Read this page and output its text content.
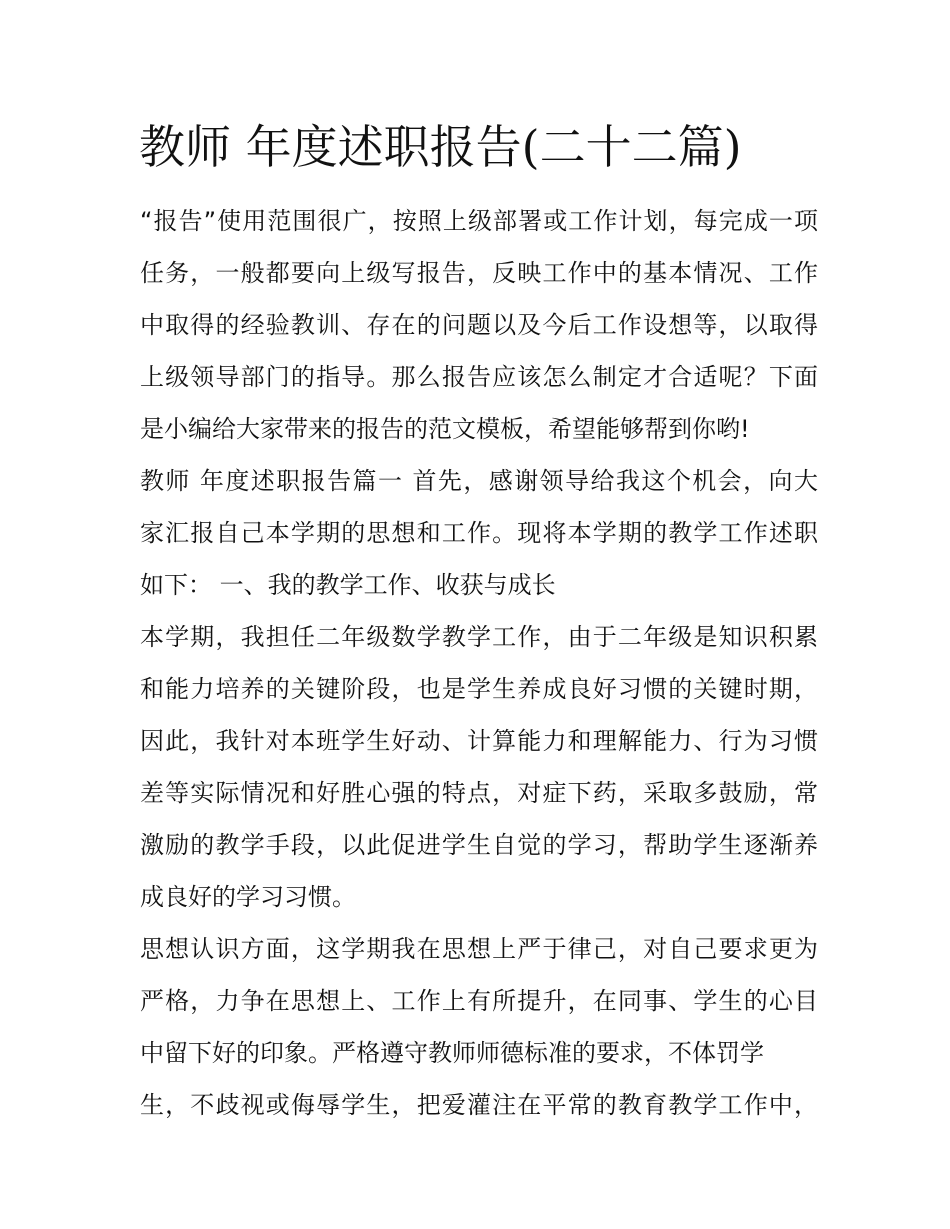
教师 年度述职报告(二十二篇)
“报告”使用范围很广，按照上级部署或工作计划，每完成一项
任务，一般都要向上级写报告，反映工作中的基本情况、工作
中取得的经验教训、存在的问题以及今后工作设想等，以取得
上级领导部门的指导。那么报告应该怎么制定才合适呢？下面
是小编给大家带来的报告的范文模板，希望能够帮到你哟!
教师 年度述职报告篇一 首先，感谢领导给我这个机会，向大
家汇报自己本学期的思想和工作。现将本学期的教学工作述职
如下： 一、我的教学工作、收获与成长
本学期，我担任二年级数学教学工作，由于二年级是知识积累
和能力培养的关键阶段，也是学生养成良好习惯的关键时期，
因此，我针对本班学生好动、计算能力和理解能力、行为习惯
差等实际情况和好胜心强的特点，对症下药，采取多鼓励，常
激励的教学手段，以此促进学生自觉的学习，帮助学生逐渐养
成良好的学习习惯。
思想认识方面，这学期我在思想上严于律己，对自己要求更为
严格，力争在思想上、工作上有所提升，在同事、学生的心目
中留下好的印象。严格遵守教师师德标准的要求，不体罚学
生，不歧视或侮辱学生，把爱灌注在平常的教育教学工作中，
